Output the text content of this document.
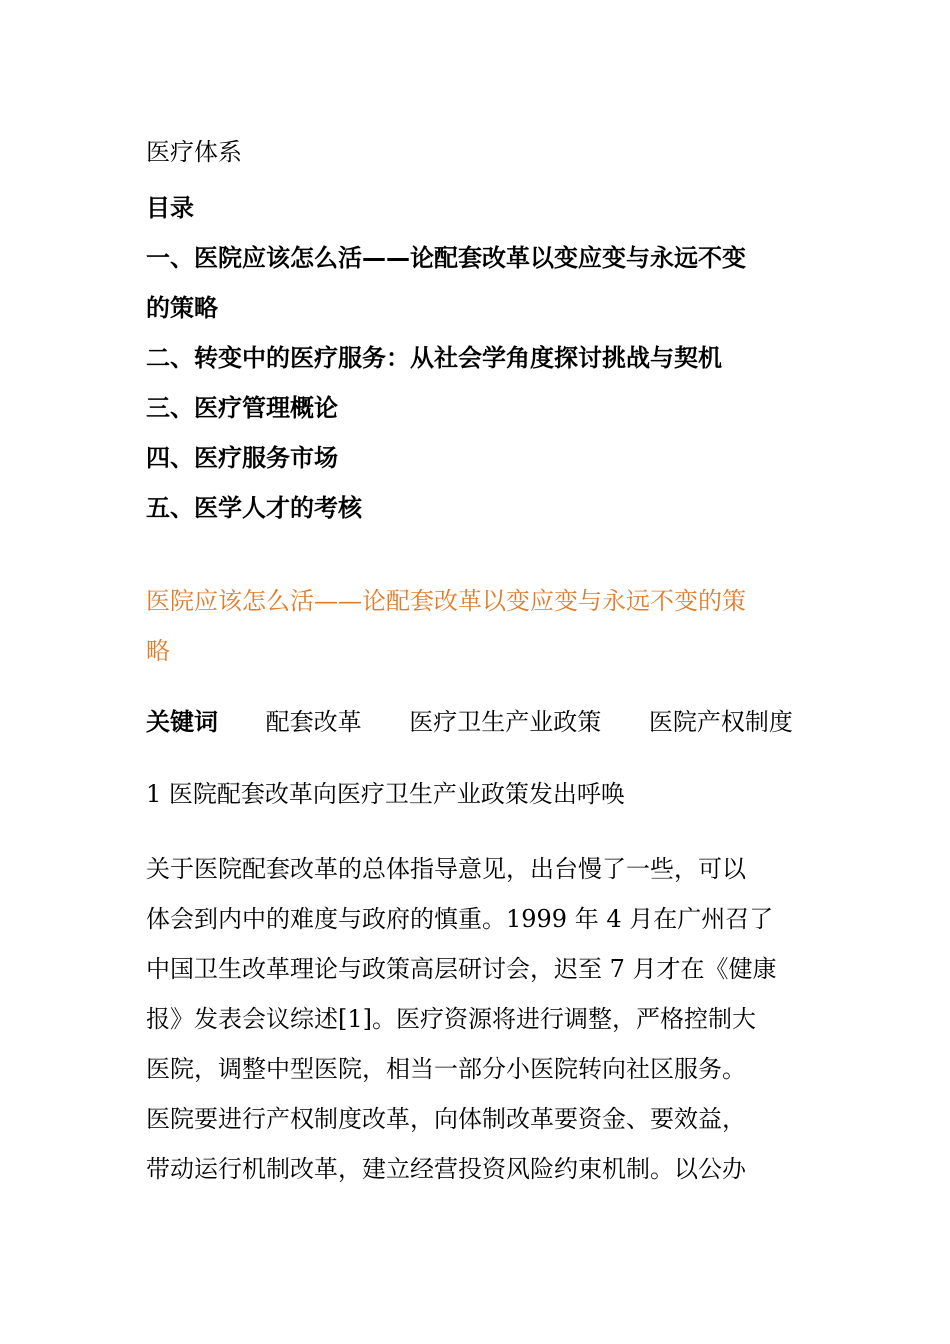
医疗体系
目录
一、医院应该怎么活——论配套改革以变应变与永远不变
的策略
二、转变中的医疗服务：从社会学角度探讨挑战与契机
三、医疗管理概论
四、医疗服务市场
五、医学人才的考核
医院应该怎么活——论配套改革以变应变与永远不变的策
略
关键词 配套改革 医疗卫生产业政策 医院产权制度
1 医院配套改革向医疗卫生产业政策发出呼唤
关于医院配套改革的总体指导意见，出台慢了一些，可以
体会到内中的难度与政府的慎重。1999 年 4 月在广州召了
中国卫生改革理论与政策高层研讨会，迟至 7 月才在《健康
报》发表会议综述[1]。医疗资源将进行调整，严格控制大
医院，调整中型医院，相当一部分小医院转向社区服务。
医院要进行产权制度改革，向体制改革要资金、要效益，
带动运行机制改革，建立经营投资风险约束机制。以公办
